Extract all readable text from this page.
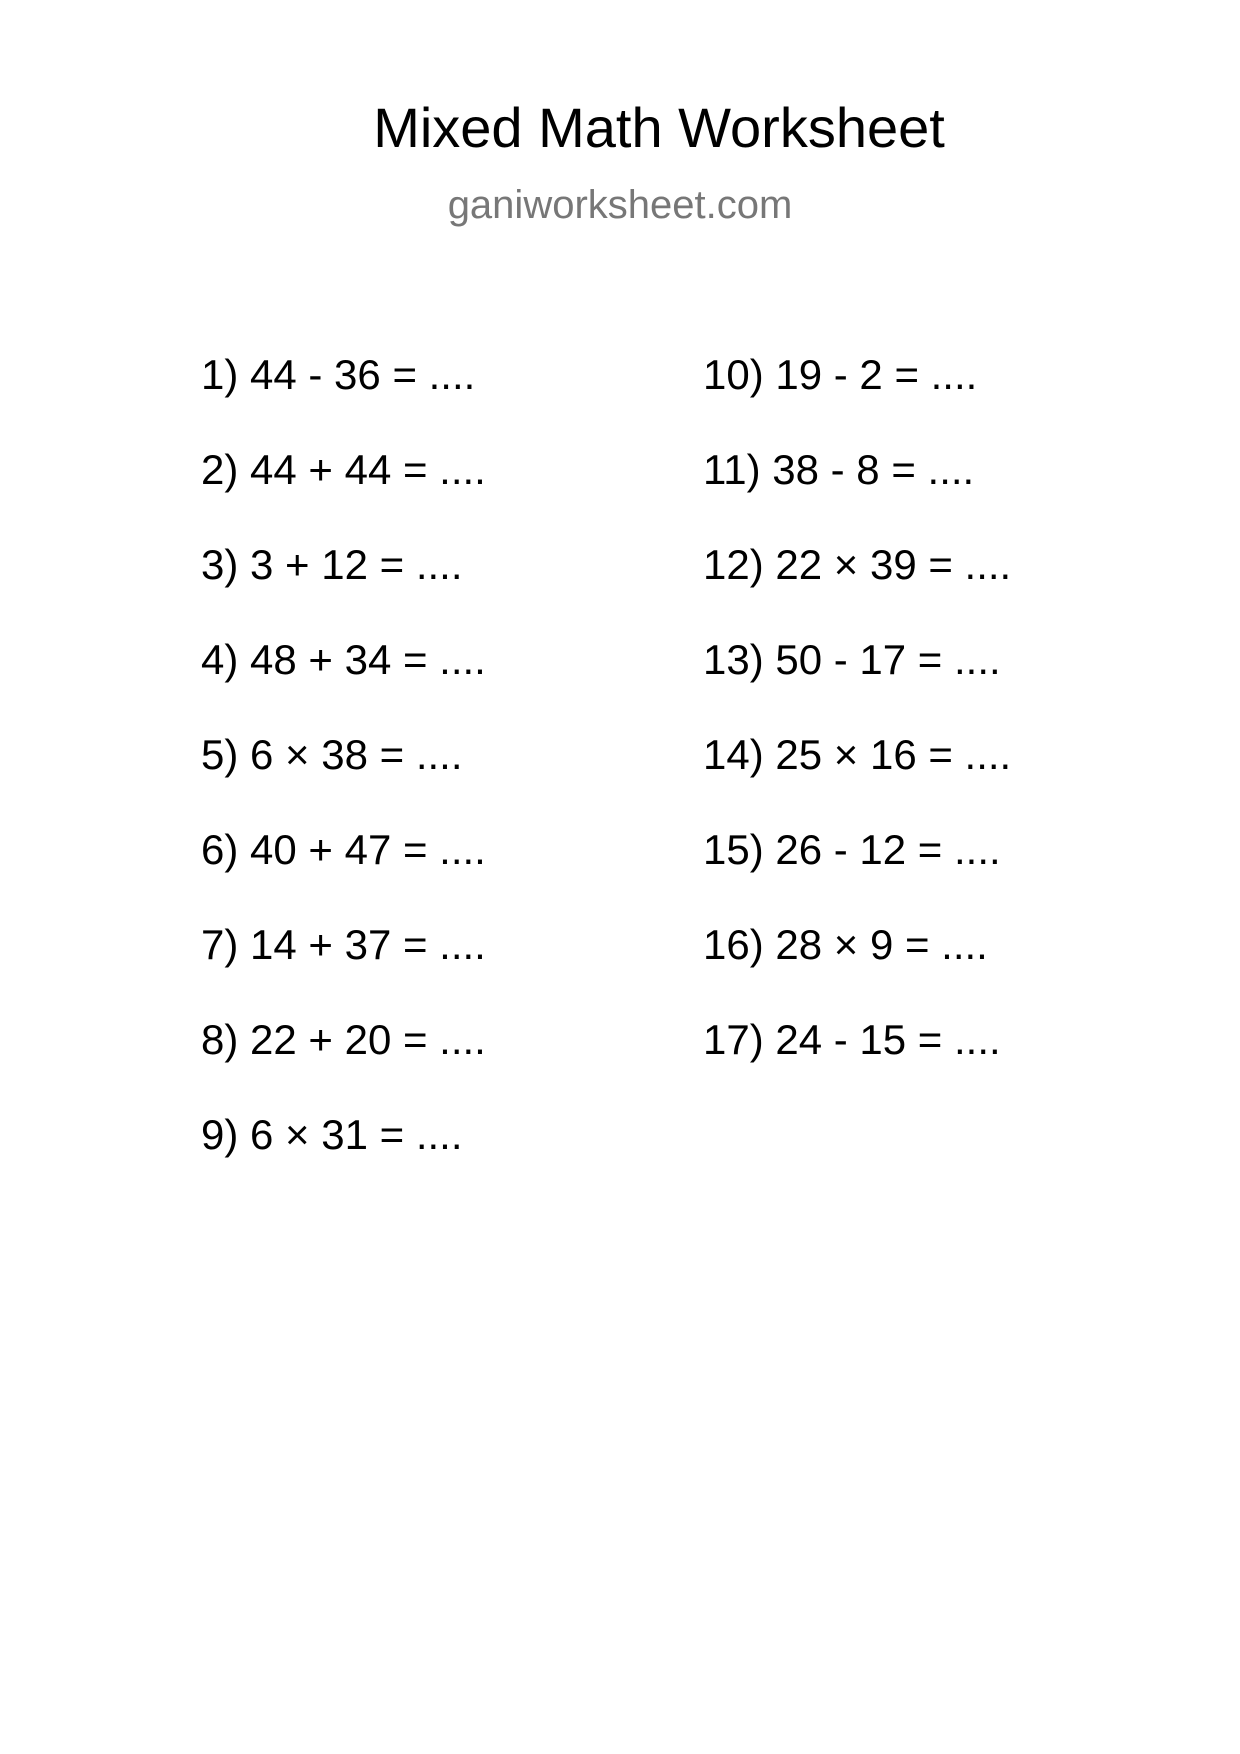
Mixed Math Worksheet
ganiworksheet.com
1) 44 - 36 = ....
2) 44 + 44 = ....
3) 3 + 12 = ....
4) 48 + 34 = ....
5) 6 × 38 = ....
6) 40 + 47 = ....
7) 14 + 37 = ....
8) 22 + 20 = ....
9) 6 × 31 = ....
10) 19 - 2 = ....
11) 38 - 8 = ....
12) 22 × 39 = ....
13) 50 - 17 = ....
14) 25 × 16 = ....
15) 26 - 12 = ....
16) 28 × 9 = ....
17) 24 - 15 = ....
